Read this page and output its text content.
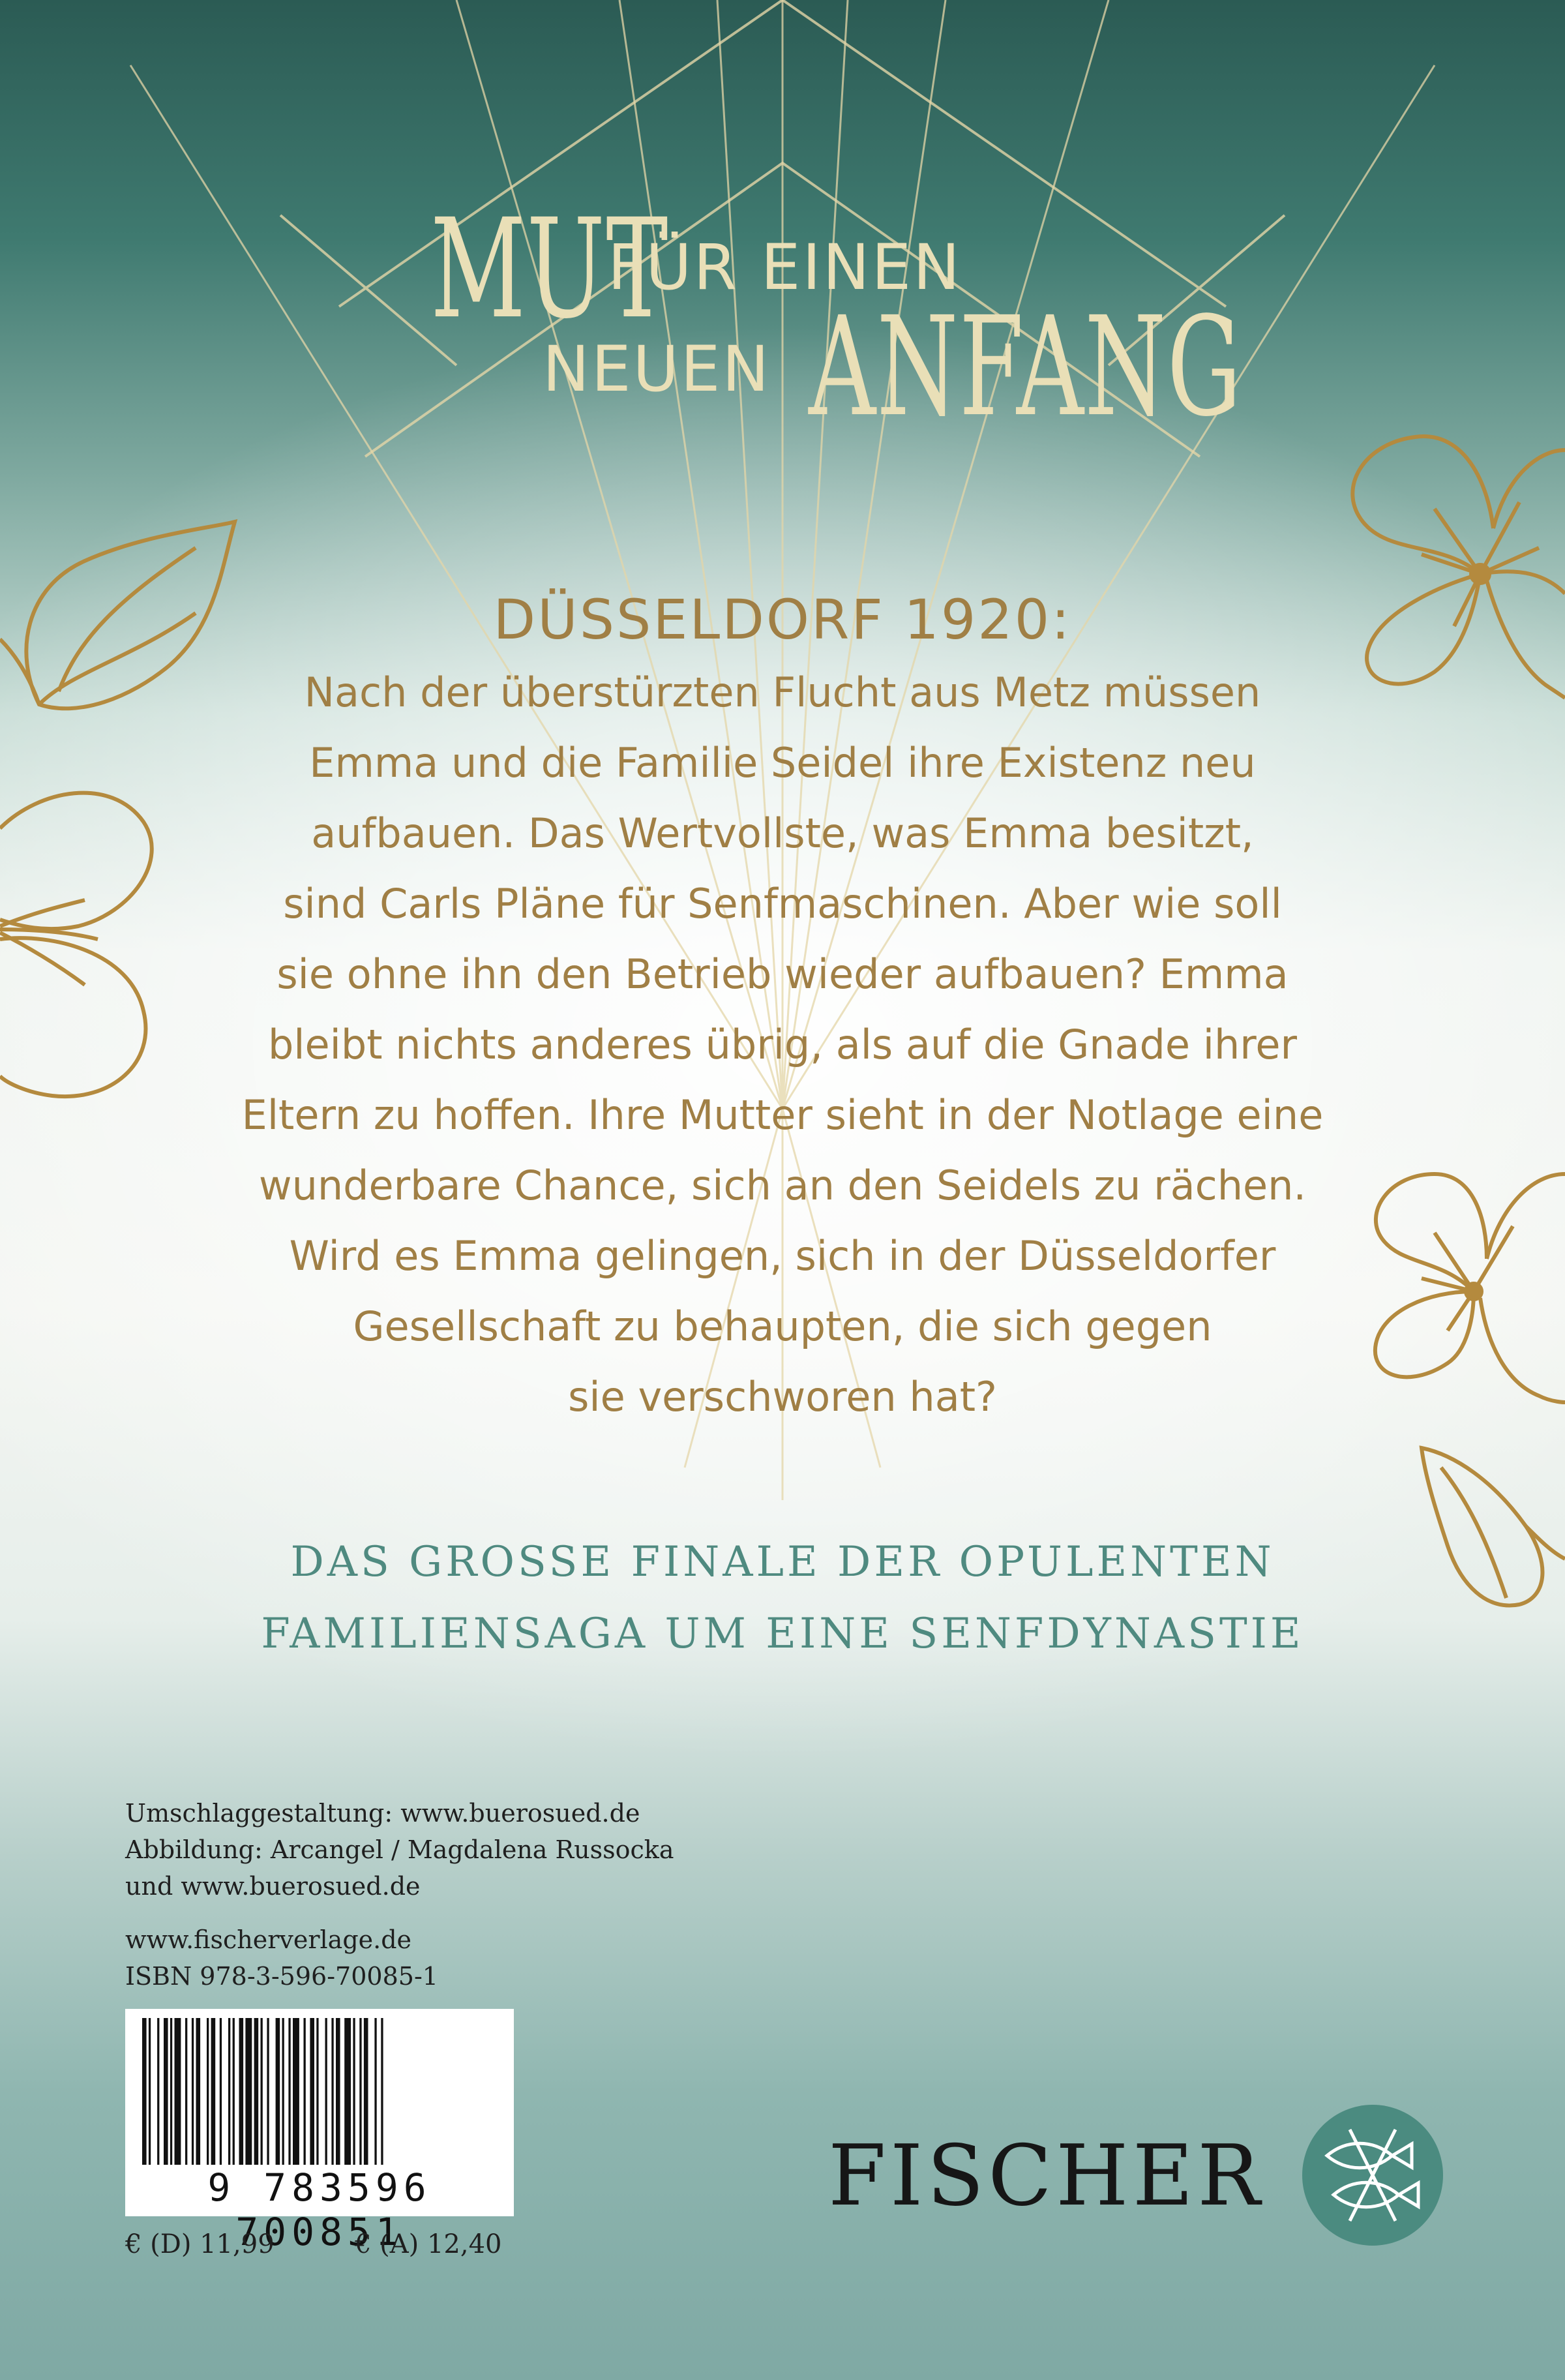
MUT
FÜR EINEN
NEUEN ANFANG
DÜSSELDORF 1920:
Nach der überstürzten Flucht aus Metz müssen
Emma und die Familie Seidel ihre Existenz neu
aufbauen. Das Wertvollste, was Emma besitzt,
sind Carls Pläne für Senfmaschinen. Aber wie soll
sie ohne ihn den Betrieb wieder aufbauen? Emma
bleibt nichts anderes übrig, als auf die Gnade ihrer
Eltern zu hoffen. Ihre Mutter sieht in der Notlage eine
wunderbare Chance, sich an den Seidels zu rächen.
Wird es Emma gelingen, sich in der Düsseldorfer
Gesellschaft zu behaupten, die sich gegen
sie verschworen hat?
DAS GROSSE FINALE DER OPULENTEN
FAMILIENSAGA UM EINE SENFDYNASTIE
Umschlaggestaltung: www.buerosued.de
Abbildung: Arcangel / Magdalena Russocka
und www.buerosued.de
www.fischerverlage.de
ISBN 978-3-596-70085-1
9 783596 700851
€ (D) 11,99	€ (A) 12,40
FISCHER
